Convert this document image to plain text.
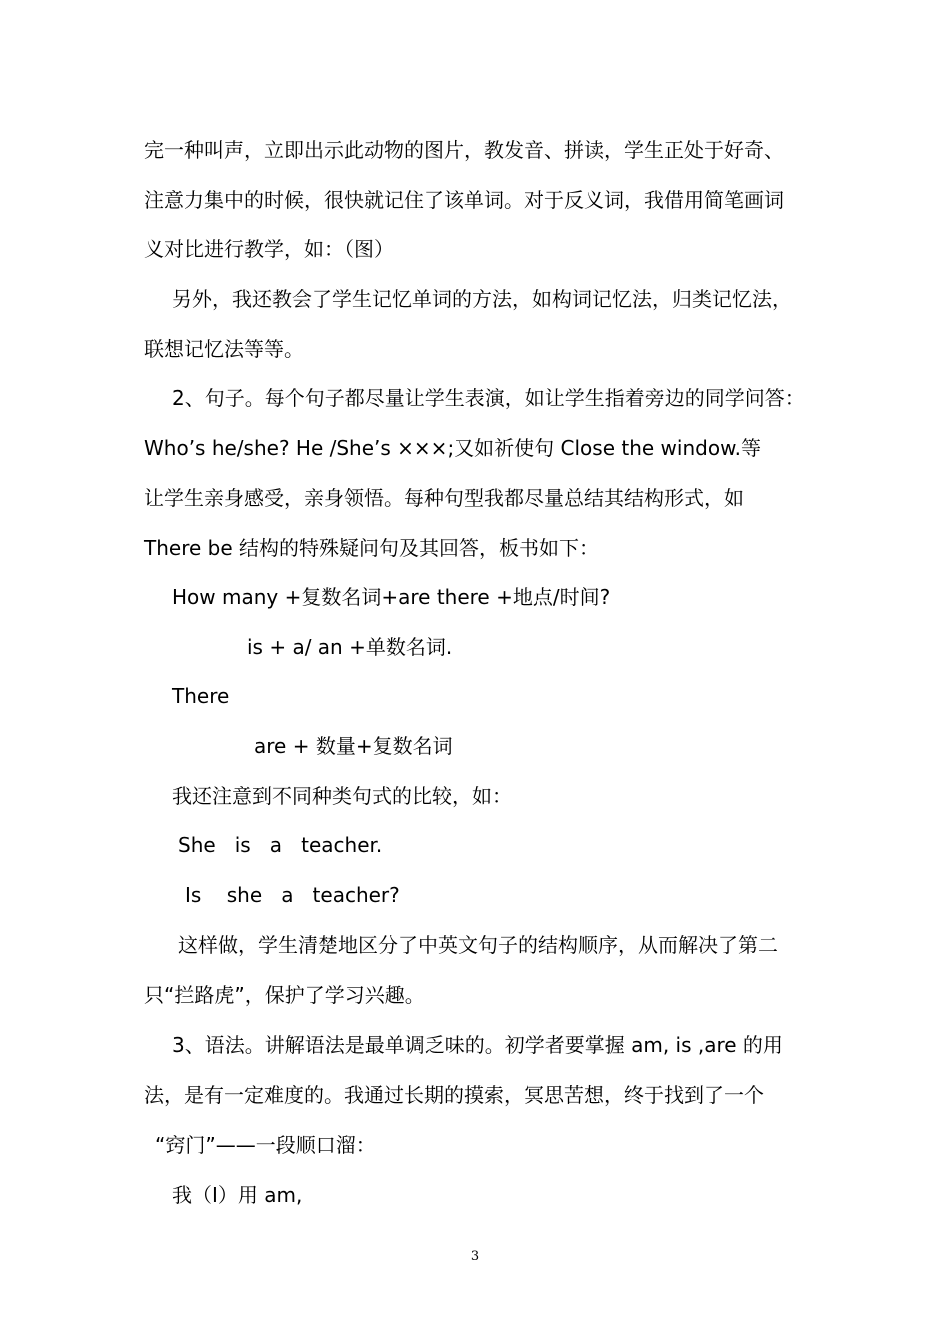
完一种叫声，立即出示此动物的图片，教发音、拼读，学生正处于好奇、
注意力集中的时候，很快就记住了该单词。对于反义词，我借用简笔画词
义对比进行教学，如：（图）
另外，我还教会了学生记忆单词的方法，如构词记忆法，归类记忆法，
联想记忆法等等。
2、句子。每个句子都尽量让学生表演，如让学生指着旁边的同学问答：
Who’s he/she? He /She’s ×××;又如祈使句 Close the window.等
让学生亲身感受，亲身领悟。每种句型我都尽量总结其结构形式，如
There be 结构的特殊疑问句及其回答，板书如下：
How many +复数名词+are there +地点/时间?
is + a/ an +单数名词.
There
are + 数量+复数名词
我还注意到不同种类句式的比较，如：
She   is   a   teacher.
Is    she   a   teacher?
这样做，学生清楚地区分了中英文句子的结构顺序，从而解决了第二
只“拦路虎”，保护了学习兴趣。
3、语法。讲解语法是最单调乏味的。初学者要掌握 am, is ,are 的用
法，是有一定难度的。我通过长期的摸索，冥思苦想，终于找到了一个
“窍门”——一段顺口溜：
我（I）用 am,
3
